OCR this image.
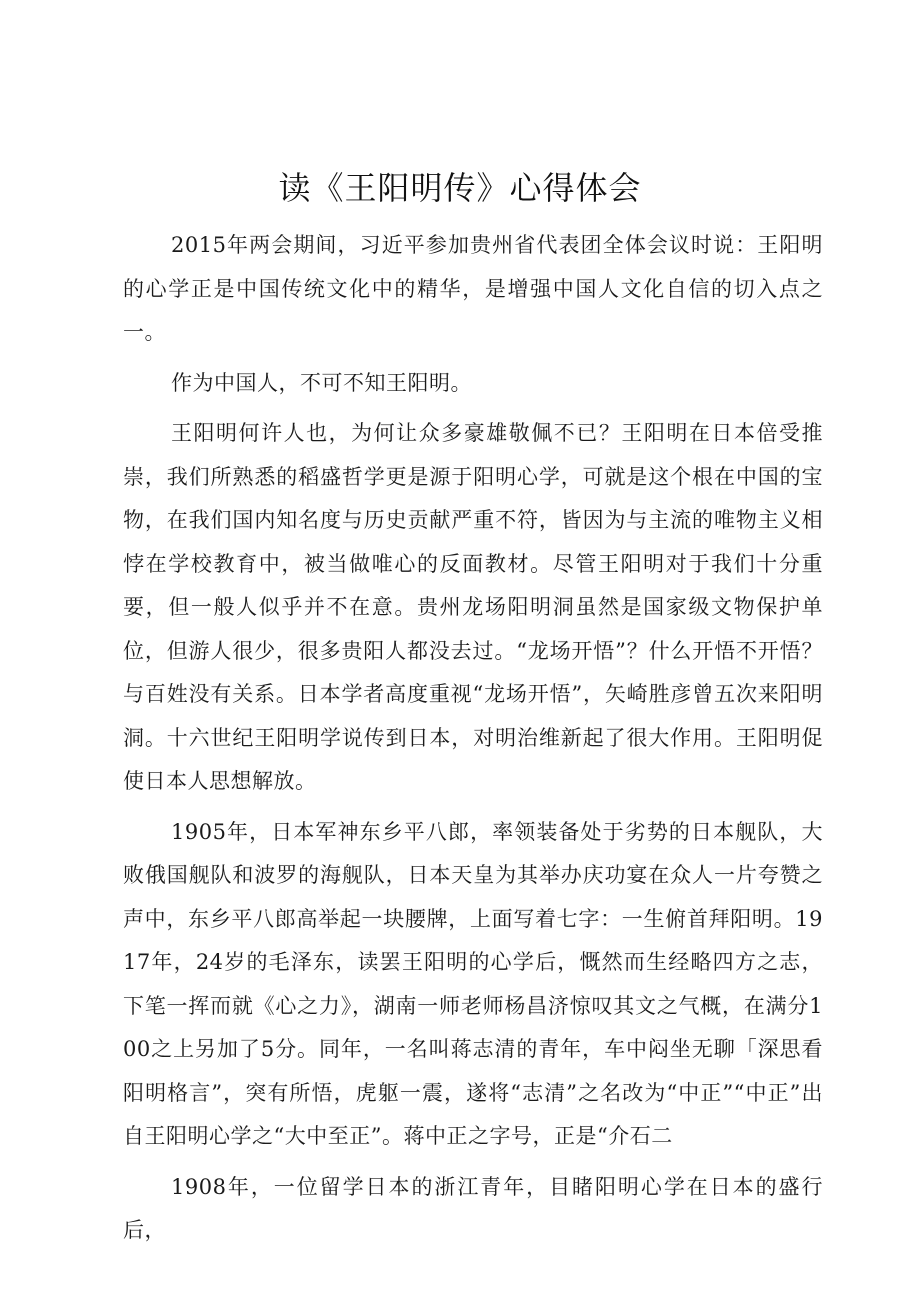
读《王阳明传》心得体会

2015年两会期间，习近平参加贵州省代表团全体会议时说：王阳明的心学正是中国传统文化中的精华，是增强中国人文化自信的切入点之一。

作为中国人，不可不知王阳明。

王阳明何许人也，为何让众多豪雄敬佩不已？王阳明在日本倍受推崇，我们所熟悉的稻盛哲学更是源于阳明心学，可就是这个根在中国的宝物，在我们国内知名度与历史贡献严重不符，皆因为与主流的唯物主义相悖在学校教育中，被当做唯心的反面教材。尽管王阳明对于我们十分重要，但一般人似乎并不在意。贵州龙场阳明洞虽然是国家级文物保护单位，但游人很少，很多贵阳人都没去过。“龙场开悟”？什么开悟不开悟？与百姓没有关系。日本学者高度重视“龙场开悟”，矢崎胜彦曾五次来阳明洞。十六世纪王阳明学说传到日本，对明治维新起了很大作用。王阳明促使日本人思想解放。

1905年，日本军神东乡平八郎，率领装备处于劣势的日本舰队，大败俄国舰队和波罗的海舰队，日本天皇为其举办庆功宴在众人一片夸赞之声中，东乡平八郎高举起一块腰牌，上面写着七字：一生俯首拜阳明。1917年，24岁的毛泽东，读罢王阳明的心学后，慨然而生经略四方之志，下笔一挥而就《心之力》，湖南一师老师杨昌济惊叹其文之气概，在满分100之上另加了5分。同年，一名叫蒋志清的青年，车中闷坐无聊「深思看阳明格言”，突有所悟，虎躯一震，遂将“志清”之名改为“中正”“中正”出自王阳明心学之“大中至正”。蒋中正之字号，正是“介石二

1908年，一位留学日本的浙江青年，目睹阳明心学在日本的盛行后，
